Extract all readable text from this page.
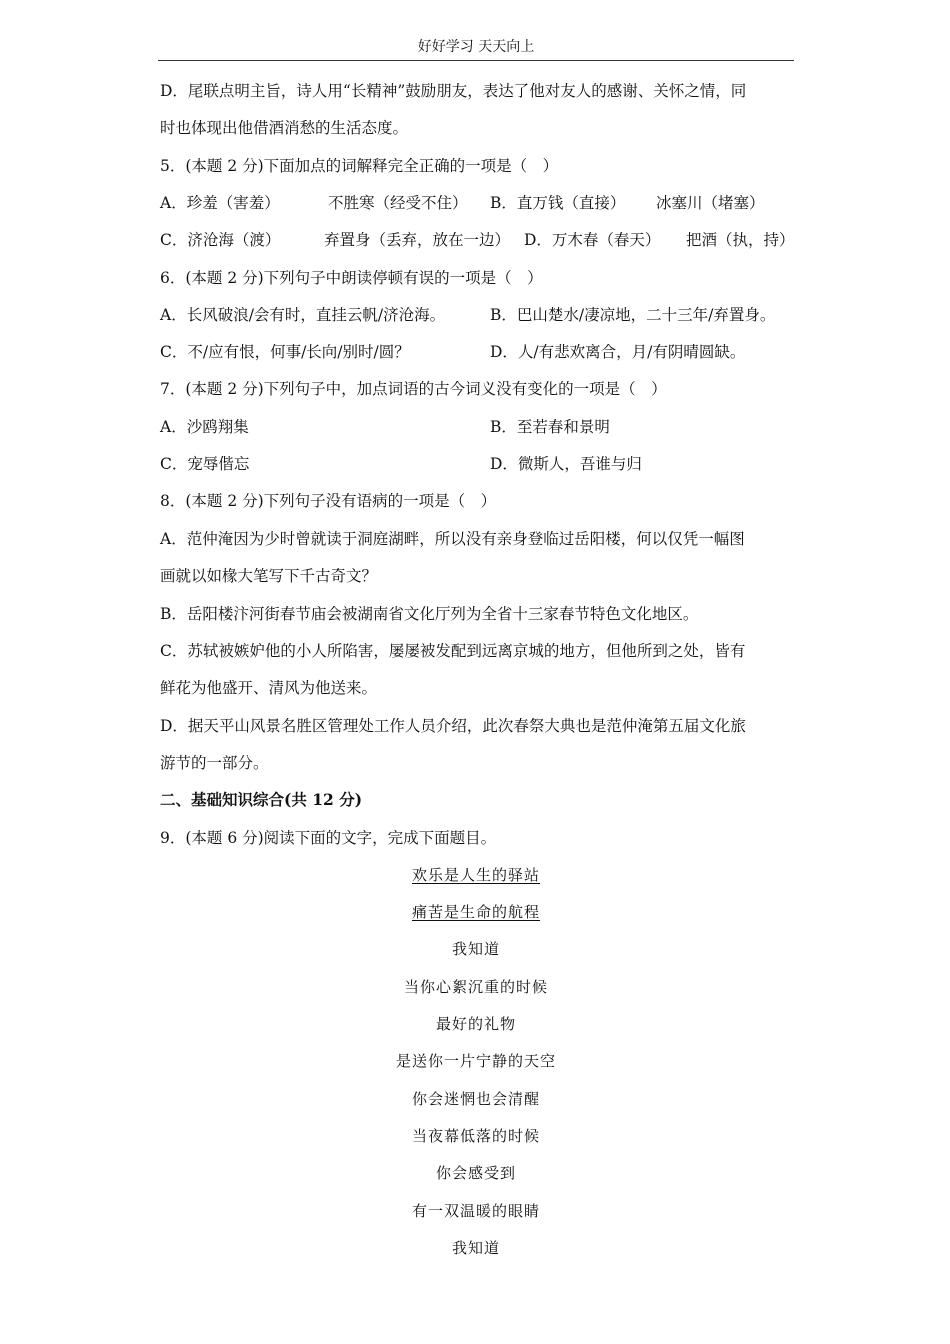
好好学习 天天向上
D．尾联点明主旨，诗人用“长精神”鼓励朋友，表达了他对友人的感谢、关怀之情，同
时也体现出他借酒消愁的生活态度。
5．(本题 2 分)下面加点的词解释完全正确的一项是（　）
A．珍羞（害羞）	不胜寒（经受不住） B．直万钱（直接） 冰塞川（堵塞）
C．济沧海（渡）	弃置身（丢弃，放在一边） D．万木春（春天） 把酒（执，持）
6．(本题 2 分)下列句子中朗读停顿有误的一项是（　）
A．长风破浪/会有时，直挂云帆/济沧海。	B．巴山楚水/凄凉地，二十三年/弃置身。
C．不/应有恨，何事/长向/别时/圆？	D．人/有悲欢离合，月/有阴晴圆缺。
7．(本题 2 分)下列句子中，加点词语的古今词义没有变化的一项是（　）
A．沙鸥翔集	B．至若春和景明
C．宠辱偕忘	D．微斯人，吾谁与归
8．(本题 2 分)下列句子没有语病的一项是（　）
A．范仲淹因为少时曾就读于洞庭湖畔，所以没有亲身登临过岳阳楼，何以仅凭一幅图
画就以如椽大笔写下千古奇文？
B．岳阳楼汴河街春节庙会被湖南省文化厅列为全省十三家春节特色文化地区。
C．苏轼被嫉妒他的小人所陷害，屡屡被发配到远离京城的地方，但他所到之处，皆有
鲜花为他盛开、清风为他送来。
D．据天平山风景名胜区管理处工作人员介绍，此次春祭大典也是范仲淹第五届文化旅
游节的一部分。
二、基础知识综合(共 12 分)
9．(本题 6 分)阅读下面的文字，完成下面题目。
欢乐是人生的驿站
痛苦是生命的航程
我知道
当你心絮沉重的时候
最好的礼物
是送你一片宁静的天空
你会迷惘也会清醒
当夜幕低落的时候
你会感受到
有一双温暖的眼睛
我知道
